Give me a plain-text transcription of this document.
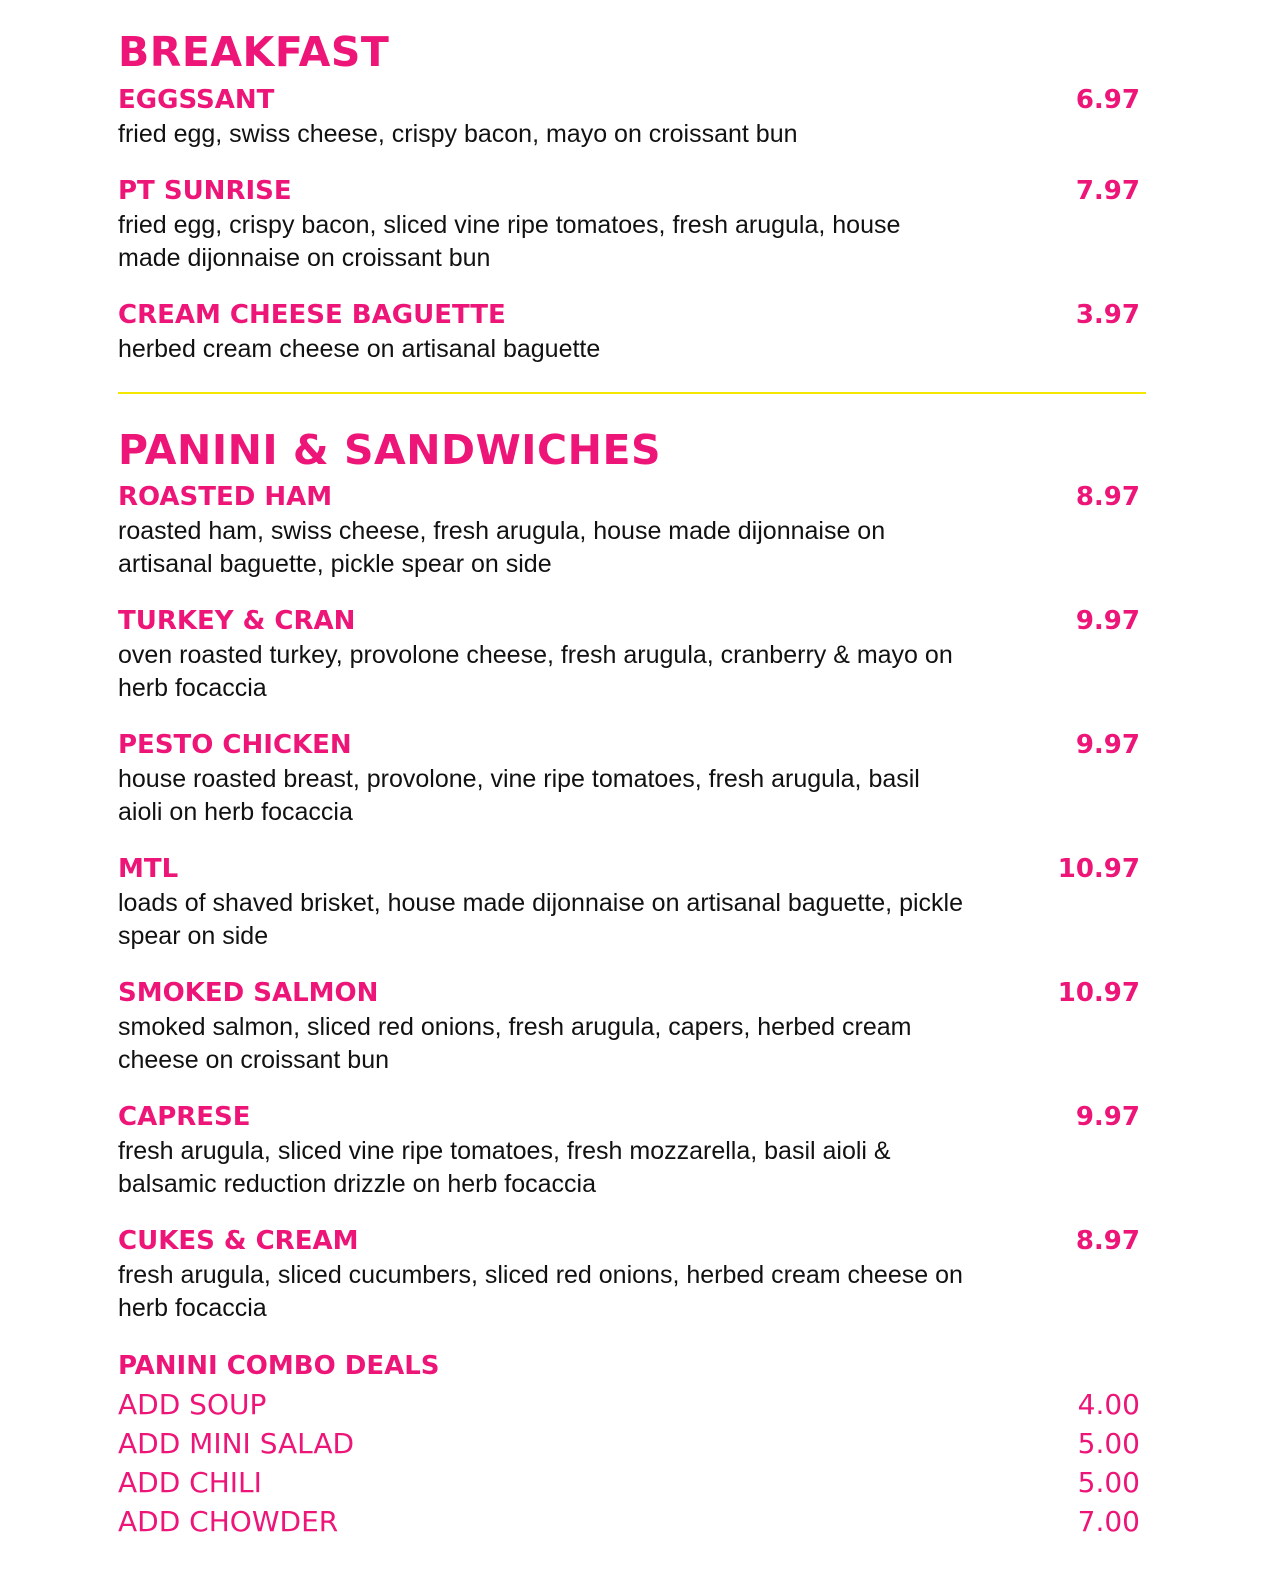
BREAKFAST
EGGSSANT	6.97
fried egg, swiss cheese, crispy bacon, mayo on croissant bun
PT SUNRISE	7.97
fried egg, crispy bacon, sliced vine ripe tomatoes, fresh arugula, house made dijonnaise on croissant bun
CREAM CHEESE BAGUETTE	3.97
herbed cream cheese on artisanal baguette
PANINI & SANDWICHES
ROASTED HAM	8.97
roasted ham, swiss cheese, fresh arugula, house made dijonnaise on artisanal baguette, pickle spear on side
TURKEY & CRAN	9.97
oven roasted turkey, provolone cheese, fresh arugula, cranberry & mayo on herb focaccia
PESTO CHICKEN	9.97
house roasted breast, provolone, vine ripe tomatoes, fresh arugula, basil aioli on herb focaccia
MTL	10.97
loads of shaved brisket, house made dijonnaise on artisanal baguette, pickle spear on side
SMOKED SALMON	10.97
smoked salmon, sliced red onions, fresh arugula, capers, herbed cream cheese on croissant bun
CAPRESE	9.97
fresh arugula, sliced vine ripe tomatoes, fresh mozzarella, basil aioli & balsamic reduction drizzle on herb focaccia
CUKES & CREAM	8.97
fresh arugula, sliced cucumbers, sliced red onions, herbed cream cheese on herb focaccia
PANINI COMBO DEALS
ADD SOUP	4.00
ADD MINI SALAD	5.00
ADD CHILI	5.00
ADD CHOWDER	7.00
